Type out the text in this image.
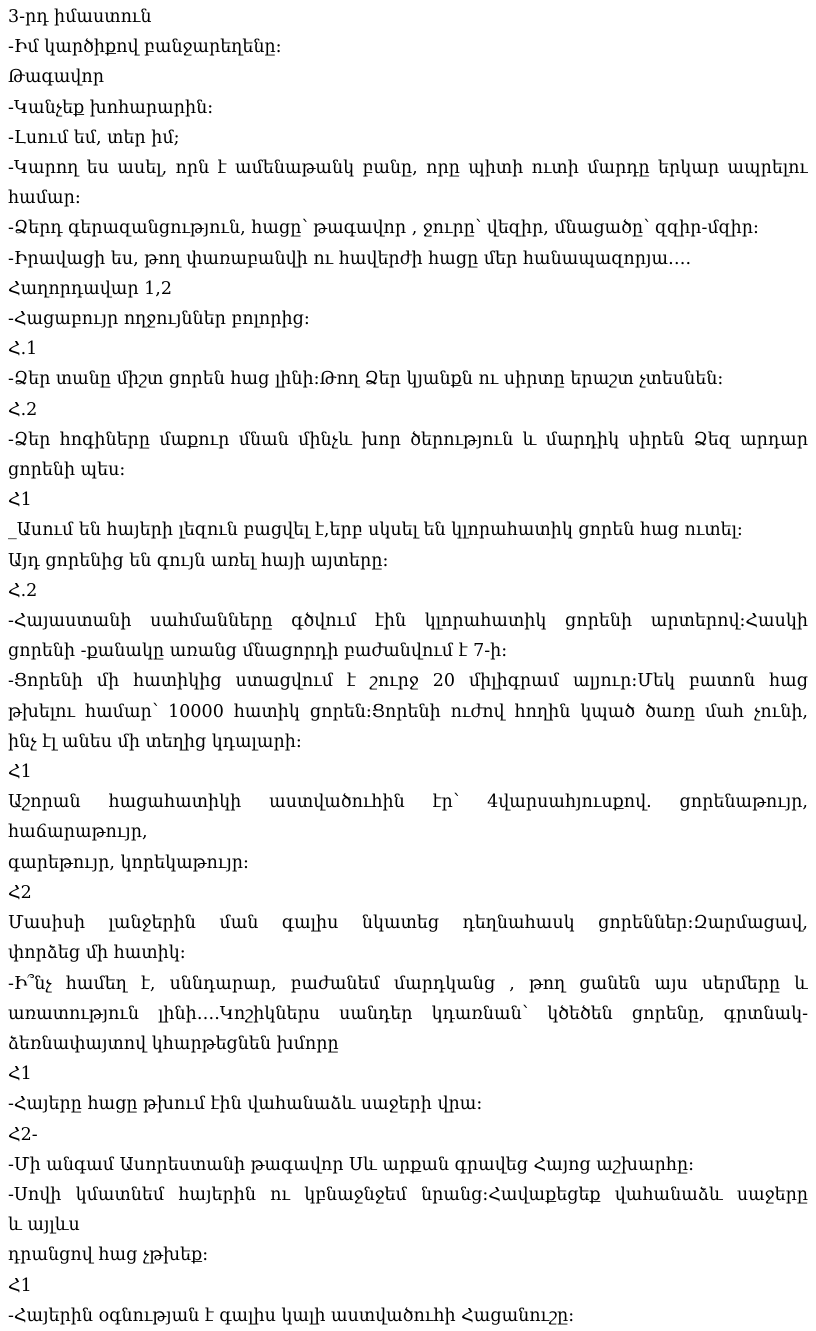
3-րդ իմաստուն
-Իմ կարծիքով բանջարեղենը:
Թագավոր
-Կանչեք խոհարարին:
-Լսում եմ, տեր իմ;
-Կարող ես ասել, որն է ամենաթանկ բանը, որը պիտի ուտի մարդը երկար ապրելու
համար:
-Ձերդ գերազանցություն, հացը՝ թագավոր , ջուրը՝ վեզիր, մնացածը՝ զզիր-մզիր:
-Իրավացի ես, թող փառաբանվի ու հավերժի հացը մեր հանապազորյա….
Հաղորդավար 1,2
-Հացաբույր ողջույններ բոլորից:
Հ.1
-Ձեր տանը միշտ ցորեն հաց լինի:Թող Ձեր կյանքն ու սիրտը երաշտ չտեսնեն:
Հ.2
-Ձեր հոգիները մաքուր մնան մինչև խոր ծերություն և մարդիկ սիրեն Ձեզ արդար
ցորենի պես:
Հ1
_Ասում են հայերի լեզուն բացվել է,երբ սկսել են կլորահատիկ ցորեն հաց ուտել:
Այդ ցորենից են գույն առել հայի այտերը:
Հ.2
-Հայաստանի սահմանները գծվում էին կլորահատիկ ցորենի արտերով:Հասկի
ցորենի -քանակը առանց մնացորդի բաժանվում է 7-ի:
-Ցորենի մի հատիկից ստացվում է շուրջ 20 միլիգրամ ալյուր:Մեկ բատոն հաց
թխելու համար՝ 10000 հատիկ ցորեն:Ցորենի ուժով հողին կպած ծառը մահ չունի,
ինչ էլ անես մի տեղից կդալարի:
Հ1
Աշորան հացահատիկի աստվածուհին էր՝ 4վարսահյուսքով. ցորենաթույր,
հաճարաթույր,
գարեթույր, կորեկաթույր:
Հ2
Մասիսի լանջերին ման գալիս նկատեց դեղնահասկ ցորեններ:Զարմացավ,
փորձեց մի հատիկ:
-Ի՞նչ համեղ է, սննդարար, բաժանեմ մարդկանց , թող ցանեն այս սերմերը և
առատություն լինի….Կոշիկներս սանդեր կդառնան՝ կծեծեն ցորենը, գրտնակ-
ձեռնափայտով կհարթեցնեն խմորը
Հ1
-Հայերը հացը թխում էին վահանաձև սաջերի վրա:
Հ2-
-Մի անգամ Ասորեստանի թագավոր Սև արքան գրավեց Հայոց աշխարհը:
-Սովի կմատնեմ հայերին ու կբնաջնջեմ նրանց:Հավաքեցեք վահանաձև սաջերը
և այլևս
դրանցով հաց չթխեք:
Հ1
-Հայերին օգնության է գալիս կալի աստվածուհի Հացանուշը:
